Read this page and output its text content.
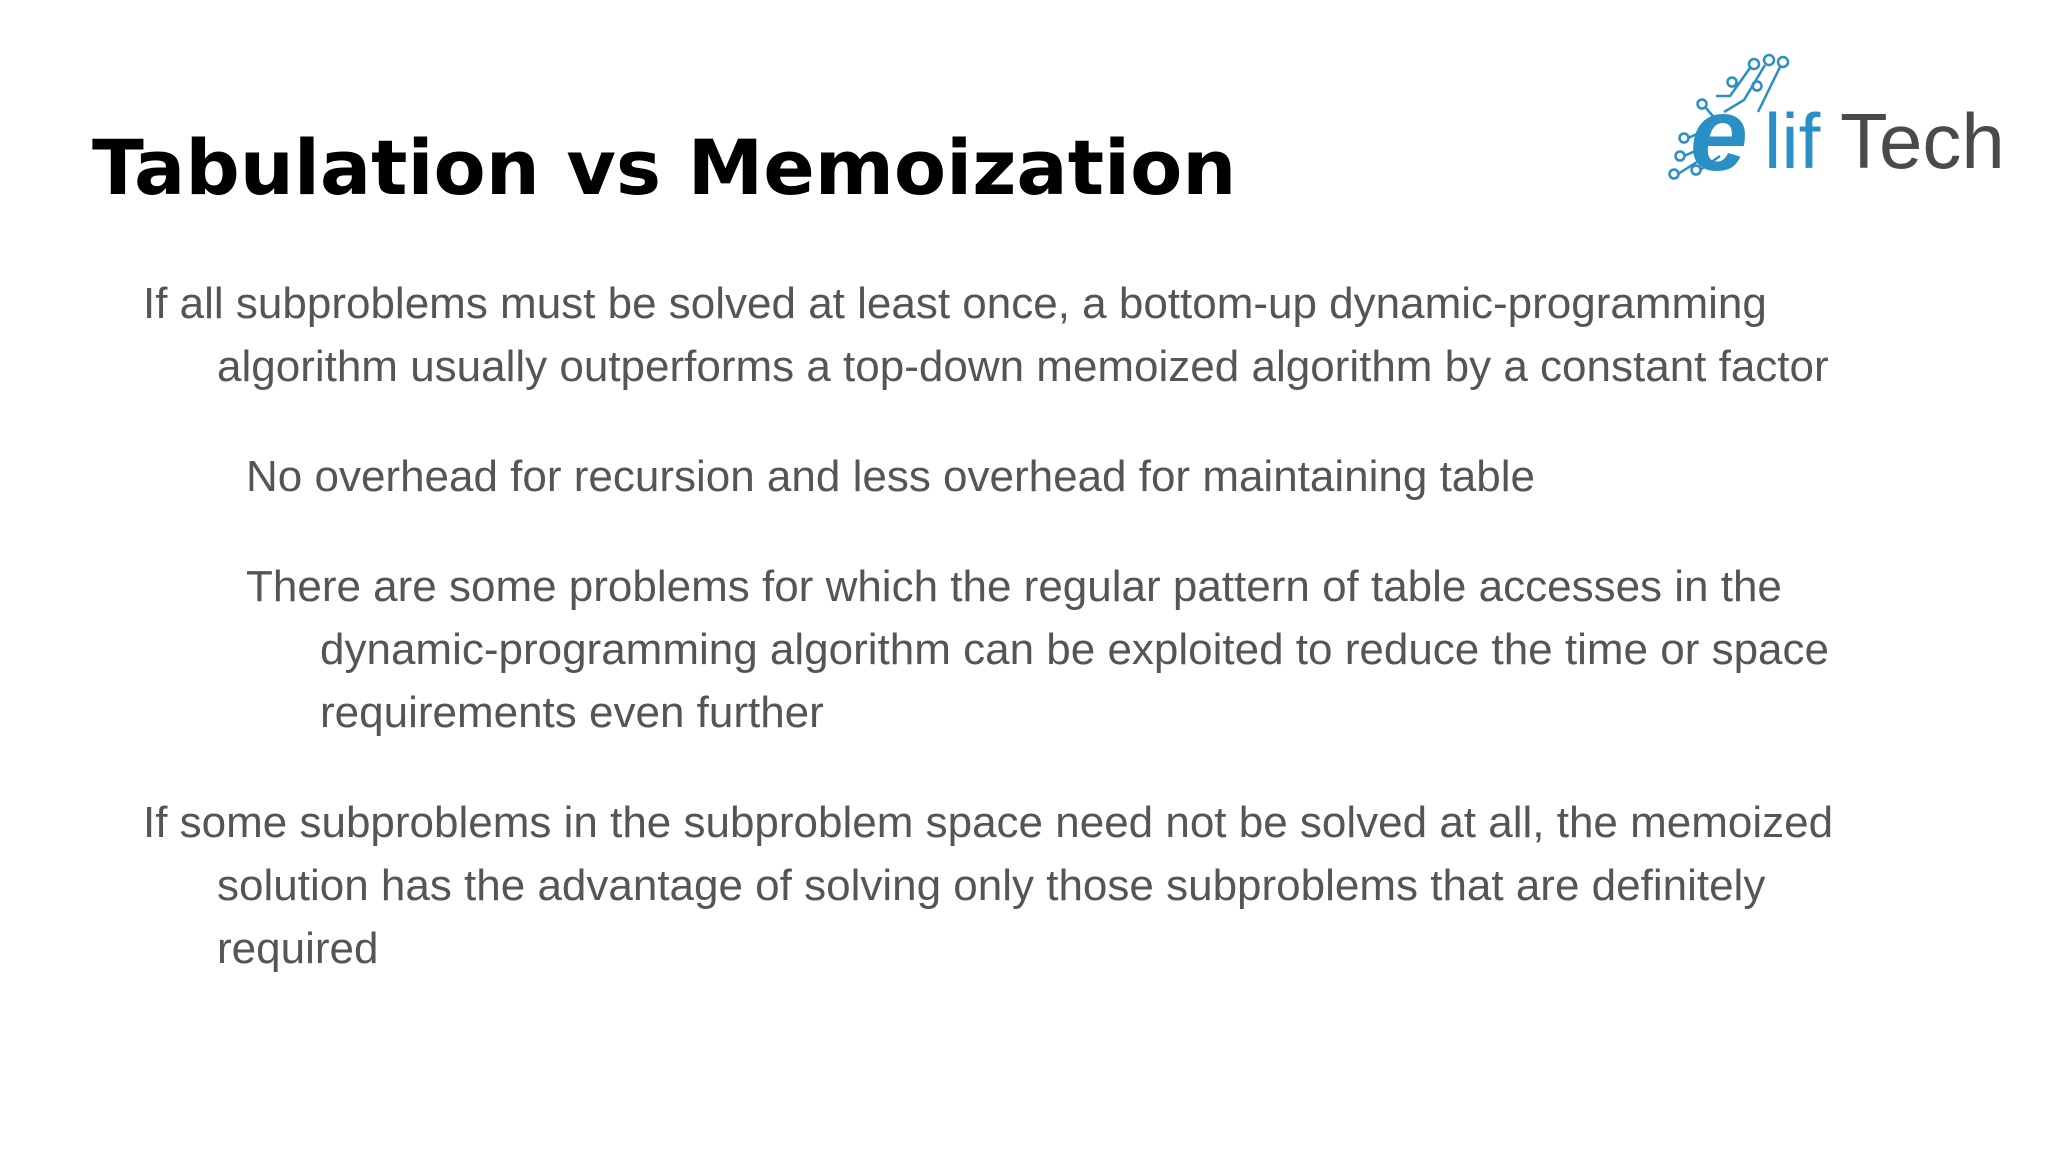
Tabulation vs Memoization	e lif Tech

If all subproblems must be solved at least once, a bottom-up dynamic-programming

algorithm usually outperforms a top-down memoized algorithm by a constant factor

No overhead for recursion and less overhead for maintaining table

There are some problems for which the regular pattern of table accesses in the

dynamic-programming algorithm can be exploited to reduce the time or space

requirements even further

If some subproblems in the subproblem space need not be solved at all, the memoized

solution has the advantage of solving only those subproblems that are definitely

required
